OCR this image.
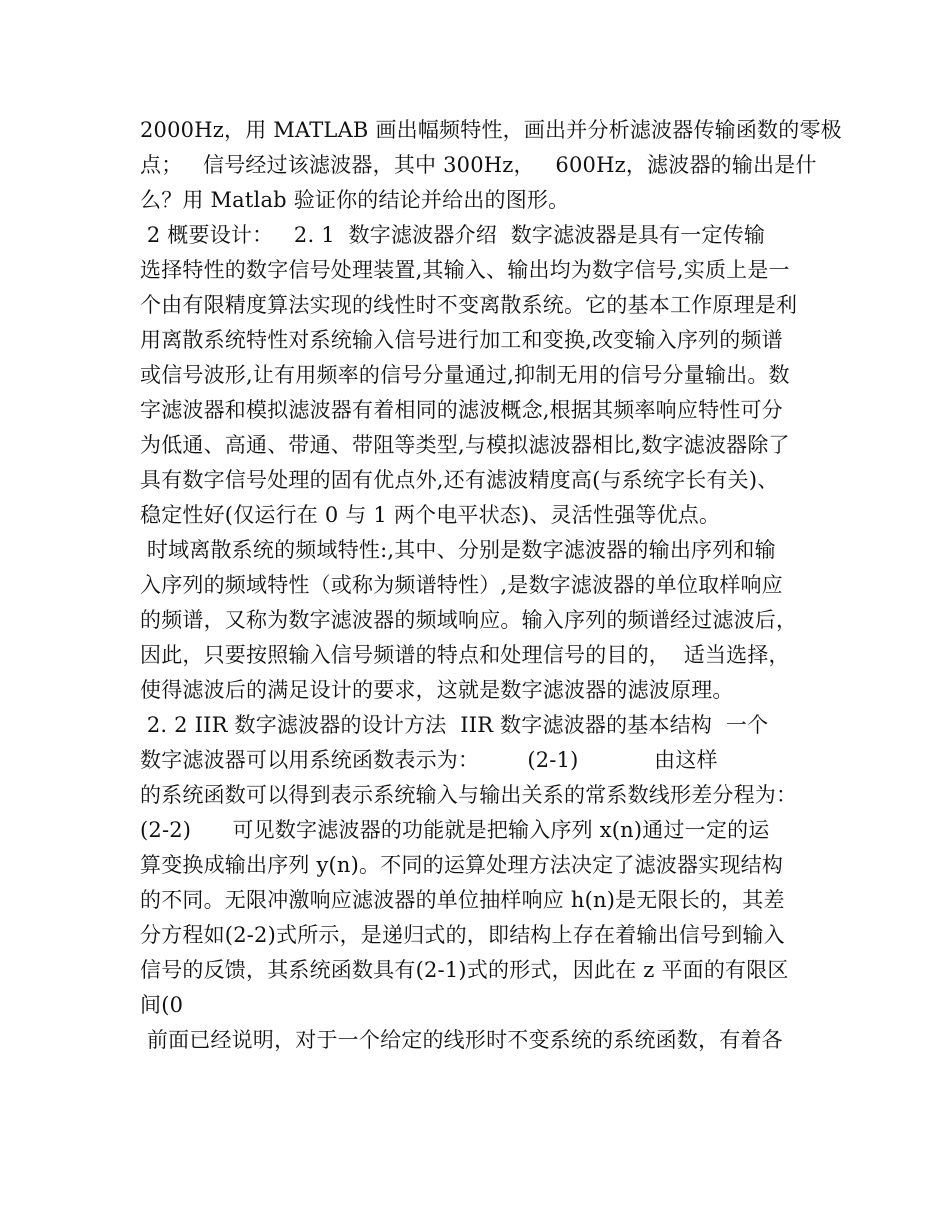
2000Hz，用 MATLAB 画出幅频特性，画出并分析滤波器传输函数的零极
点；   信号经过该滤波器，其中 300Hz，   600Hz，滤波器的输出是什
么？用 Matlab 验证你的结论并给出的图形。
2 概要设计：   2. 1  数字滤波器介绍  数字滤波器是具有一定传输
选择特性的数字信号处理装置,其输入、输出均为数字信号,实质上是一
个由有限精度算法实现的线性时不变离散系统。它的基本工作原理是利
用离散系统特性对系统输入信号进行加工和变换,改变输入序列的频谱
或信号波形,让有用频率的信号分量通过,抑制无用的信号分量输出。数
字滤波器和模拟滤波器有着相同的滤波概念,根据其频率响应特性可分
为低通、高通、带通、带阻等类型,与模拟滤波器相比,数字滤波器除了
具有数字信号处理的固有优点外,还有滤波精度高(与系统字长有关)、
稳定性好(仅运行在 0 与 1 两个电平状态)、灵活性强等优点。
时域离散系统的频域特性:,其中、分别是数字滤波器的输出序列和输
入序列的频域特性（或称为频谱特性）,是数字滤波器的单位取样响应
的频谱，又称为数字滤波器的频域响应。输入序列的频谱经过滤波后，
因此，只要按照输入信号频谱的特点和处理信号的目的，  适当选择，
使得滤波后的满足设计的要求，这就是数字滤波器的滤波原理。
2. 2 IIR 数字滤波器的设计方法  IIR 数字滤波器的基本结构  一个
数字滤波器可以用系统函数表示为：       (2-1)           由这样
的系统函数可以得到表示系统输入与输出关系的常系数线形差分程为：
(2-2)      可见数字滤波器的功能就是把输入序列 x(n)通过一定的运
算变换成输出序列 y(n)。不同的运算处理方法决定了滤波器实现结构
的不同。无限冲激响应滤波器的单位抽样响应 h(n)是无限长的，其差
分方程如(2-2)式所示，是递归式的，即结构上存在着输出信号到输入
信号的反馈，其系统函数具有(2-1)式的形式，因此在 z 平面的有限区
间(0
前面已经说明，对于一个给定的线形时不变系统的系统函数，有着各
